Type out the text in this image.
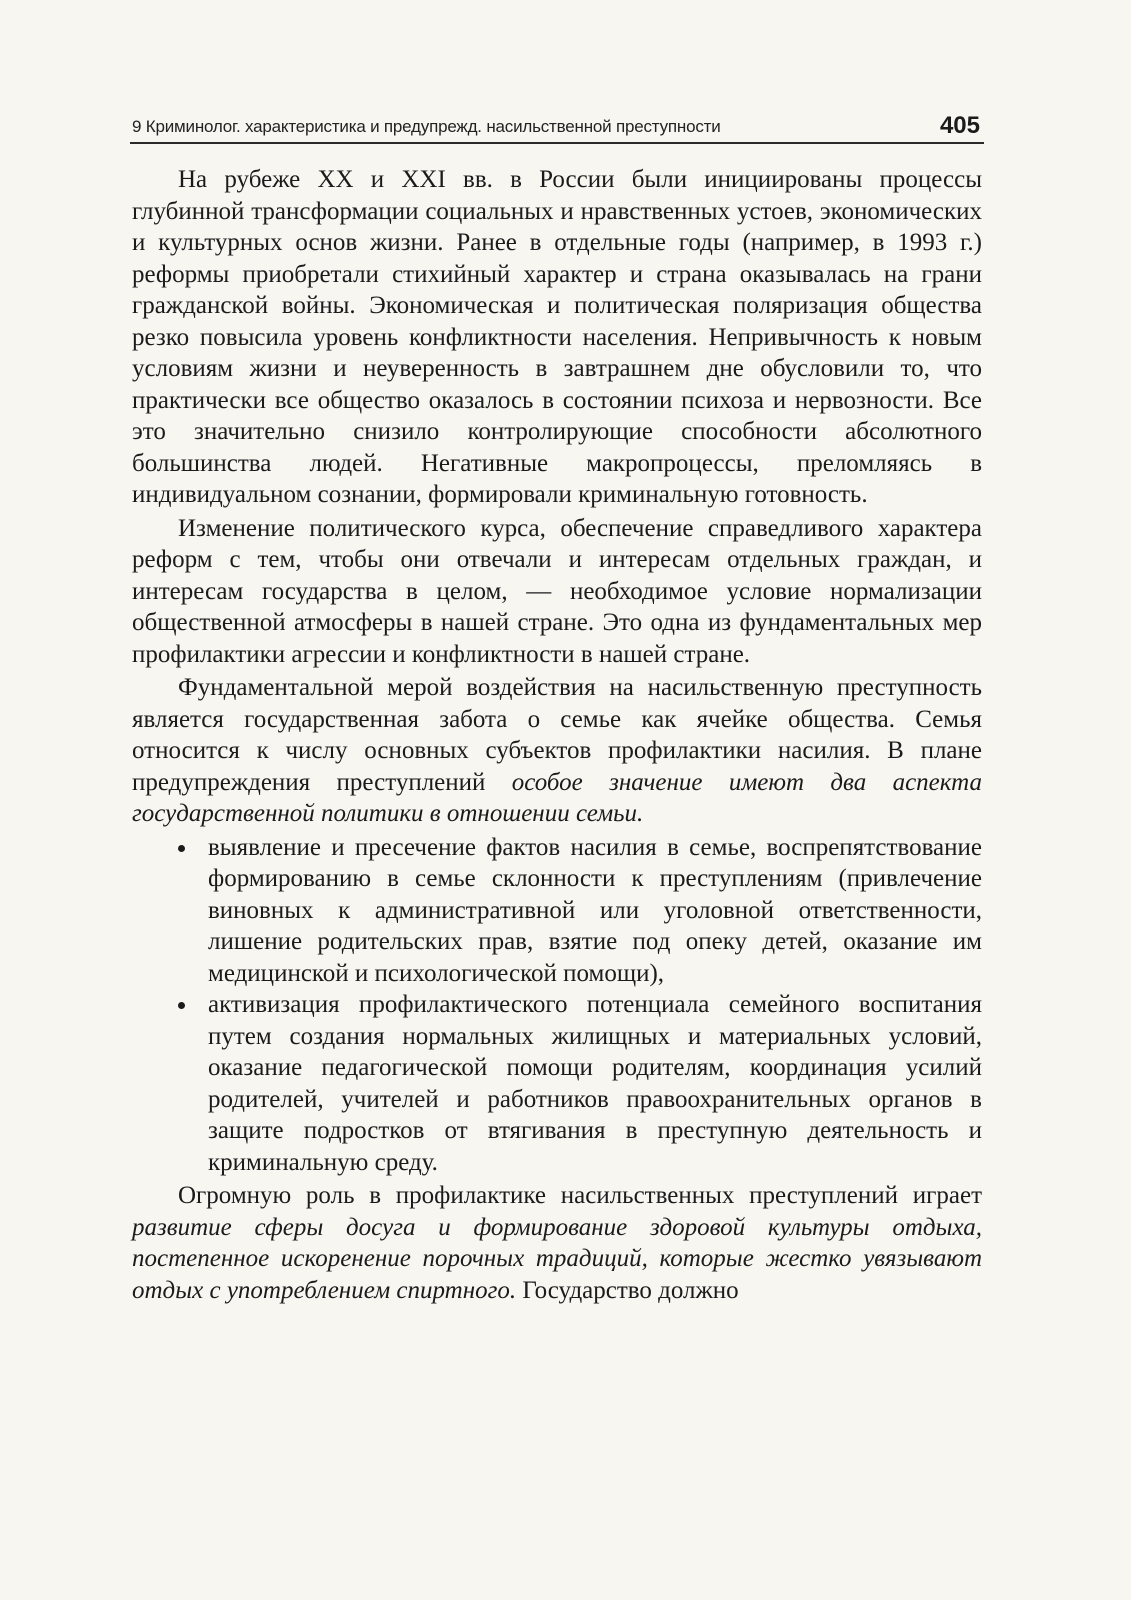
9 Криминолог. характеристика и предупрежд. насильственной преступности	405

На рубеже XX и XXI вв. в России были инициированы процессы глубинной трансформации социальных и нравственных устоев, экономических и культурных основ жизни. Ранее в отдельные годы (например, в 1993 г.) реформы приобретали стихийный характер и страна оказывалась на грани гражданской войны. Экономическая и политическая поляризация общества резко повысила уровень конфликтности населения. Непривычность к новым условиям жизни и неуверенность в завтрашнем дне обусловили то, что практически все общество оказалось в состоянии психоза и нервозности. Все это значительно снизило контролирующие способности абсолютного большинства людей. Негативные макропроцессы, преломляясь в индивидуальном сознании, формировали криминальную готовность.

Изменение политического курса, обеспечение справедливого характера реформ с тем, чтобы они отвечали и интересам отдельных граждан, и интересам государства в целом, — необходимое условие нормализации общественной атмосферы в нашей стране. Это одна из фундаментальных мер профилактики агрессии и конфликтности в нашей стране.

Фундаментальной мерой воздействия на насильственную преступность является государственная забота о семье как ячейке общества. Семья относится к числу основных субъектов профилактики насилия. В плане предупреждения преступлений особое значение имеют два аспекта государственной политики в отношении семьи.

выявление и пресечение фактов насилия в семье, воспрепятствование формированию в семье склонности к преступлениям (привлечение виновных к административной или уголовной ответственности, лишение родительских прав, взятие под опеку детей, оказание им медицинской и психологической помощи),
активизация профилактического потенциала семейного воспитания путем создания нормальных жилищных и материальных условий, оказание педагогической помощи родителям, координация усилий родителей, учителей и работников правоохранительных органов в защите подростков от втягивания в преступную деятельность и криминальную среду.

Огромную роль в профилактике насильственных преступлений играет развитие сферы досуга и формирование здоровой культуры отдыха, постепенное искоренение порочных традиций, которые жестко увязывают отдых с употреблением спиртного. Государство должно
